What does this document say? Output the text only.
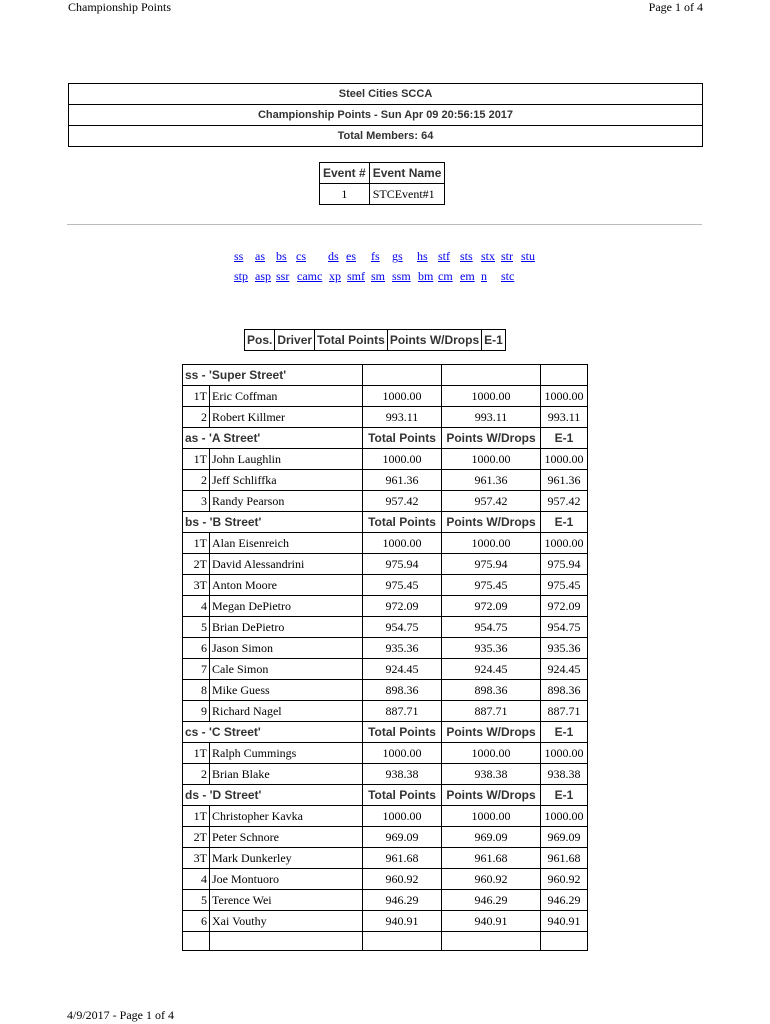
Championship Points	Page 1 of 4
Steel Cities SCCA
Championship Points - Sun Apr 09 20:56:15 2017
Total Members: 64
Event #	Event Name
1	STCEvent#1
ss as bs cs ds es fs gs hs stf sts stx str stu
stp asp ssr camc xp smf sm ssm bm cm em n stc
Pos.	Driver	Total Points	Points W/Drops	E-1
ss - 'Super Street'				
1T	Eric Coffman	1000.00	1000.00	1000.00
2	Robert Killmer	993.11	993.11	993.11
as - 'A Street'		Total Points	Points W/Drops	E-1
1T	John Laughlin	1000.00	1000.00	1000.00
2	Jeff Schliffka	961.36	961.36	961.36
3	Randy Pearson	957.42	957.42	957.42
bs - 'B Street'		Total Points	Points W/Drops	E-1
1T	Alan Eisenreich	1000.00	1000.00	1000.00
2T	David Alessandrini	975.94	975.94	975.94
3T	Anton Moore	975.45	975.45	975.45
4	Megan DePietro	972.09	972.09	972.09
5	Brian DePietro	954.75	954.75	954.75
6	Jason Simon	935.36	935.36	935.36
7	Cale Simon	924.45	924.45	924.45
8	Mike Guess	898.36	898.36	898.36
9	Richard Nagel	887.71	887.71	887.71
cs - 'C Street'		Total Points	Points W/Drops	E-1
1T	Ralph Cummings	1000.00	1000.00	1000.00
2	Brian Blake	938.38	938.38	938.38
ds - 'D Street'		Total Points	Points W/Drops	E-1
1T	Christopher Kavka	1000.00	1000.00	1000.00
2T	Peter Schnore	969.09	969.09	969.09
3T	Mark Dunkerley	961.68	961.68	961.68
4	Joe Montuoro	960.92	960.92	960.92
5	Terence Wei	946.29	946.29	946.29
6	Xai Vouthy	940.91	940.91	940.91

4/9/2017 - Page 1 of 4
